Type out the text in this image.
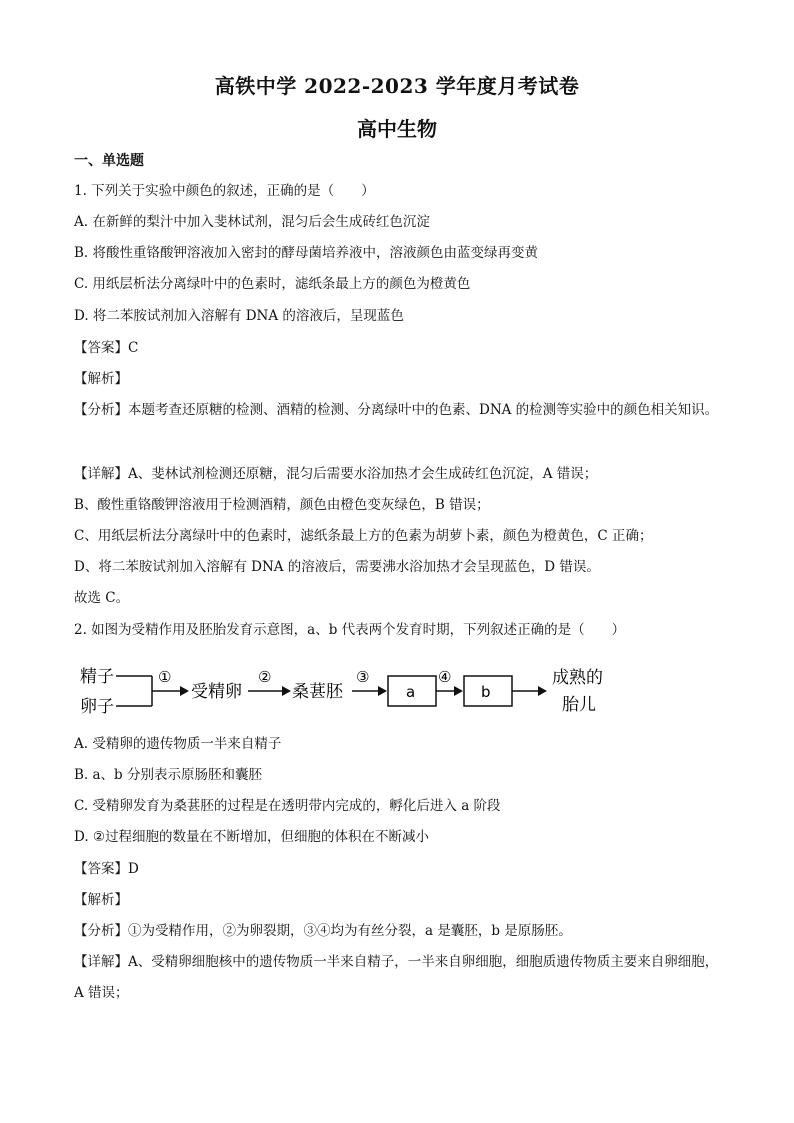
高铁中学 2022-2023 学年度月考试卷
高中生物
一、单选题
1. 下列关于实验中颜色的叙述，正确的是（　　）
A. 在新鲜的梨汁中加入斐林试剂，混匀后会生成砖红色沉淀
B. 将酸性重铬酸钾溶液加入密封的酵母菌培养液中，溶液颜色由蓝变绿再变黄
C. 用纸层析法分离绿叶中的色素时，滤纸条最上方的颜色为橙黄色
D. 将二苯胺试剂加入溶解有 DNA 的溶液后，呈现蓝色
【答案】C
【解析】
【分析】本题考查还原糖的检测、酒精的检测、分离绿叶中的色素、DNA 的检测等实验中的颜色相关知识。
【详解】A、斐林试剂检测还原糖，混匀后需要水浴加热才会生成砖红色沉淀，A 错误；
B、酸性重铬酸钾溶液用于检测酒精，颜色由橙色变灰绿色，B 错误；
C、用纸层析法分离绿叶中的色素时，滤纸条最上方的色素为胡萝卜素，颜色为橙黄色，C 正确；
D、将二苯胺试剂加入溶解有 DNA 的溶液后，需要沸水浴加热才会呈现蓝色，D 错误。
故选 C。
2. 如图为受精作用及胚胎发育示意图，a、b 代表两个发育时期，下列叙述正确的是（　　）
精子
卵子
①
受精卵
②
桑葚胚
③
a
④
b
成熟的
胎儿
A. 受精卵的遗传物质一半来自精子
B. a、b 分别表示原肠胚和囊胚
C. 受精卵发育为桑葚胚的过程是在透明带内完成的，孵化后进入 a 阶段
D. ②过程细胞的数量在不断增加，但细胞的体积在不断减小
【答案】D
【解析】
【分析】①为受精作用，②为卵裂期，③④均为有丝分裂，a 是囊胚，b 是原肠胚。
【详解】A、受精卵细胞核中的遗传物质一半来自精子，一半来自卵细胞，细胞质遗传物质主要来自卵细胞，A 错误；
